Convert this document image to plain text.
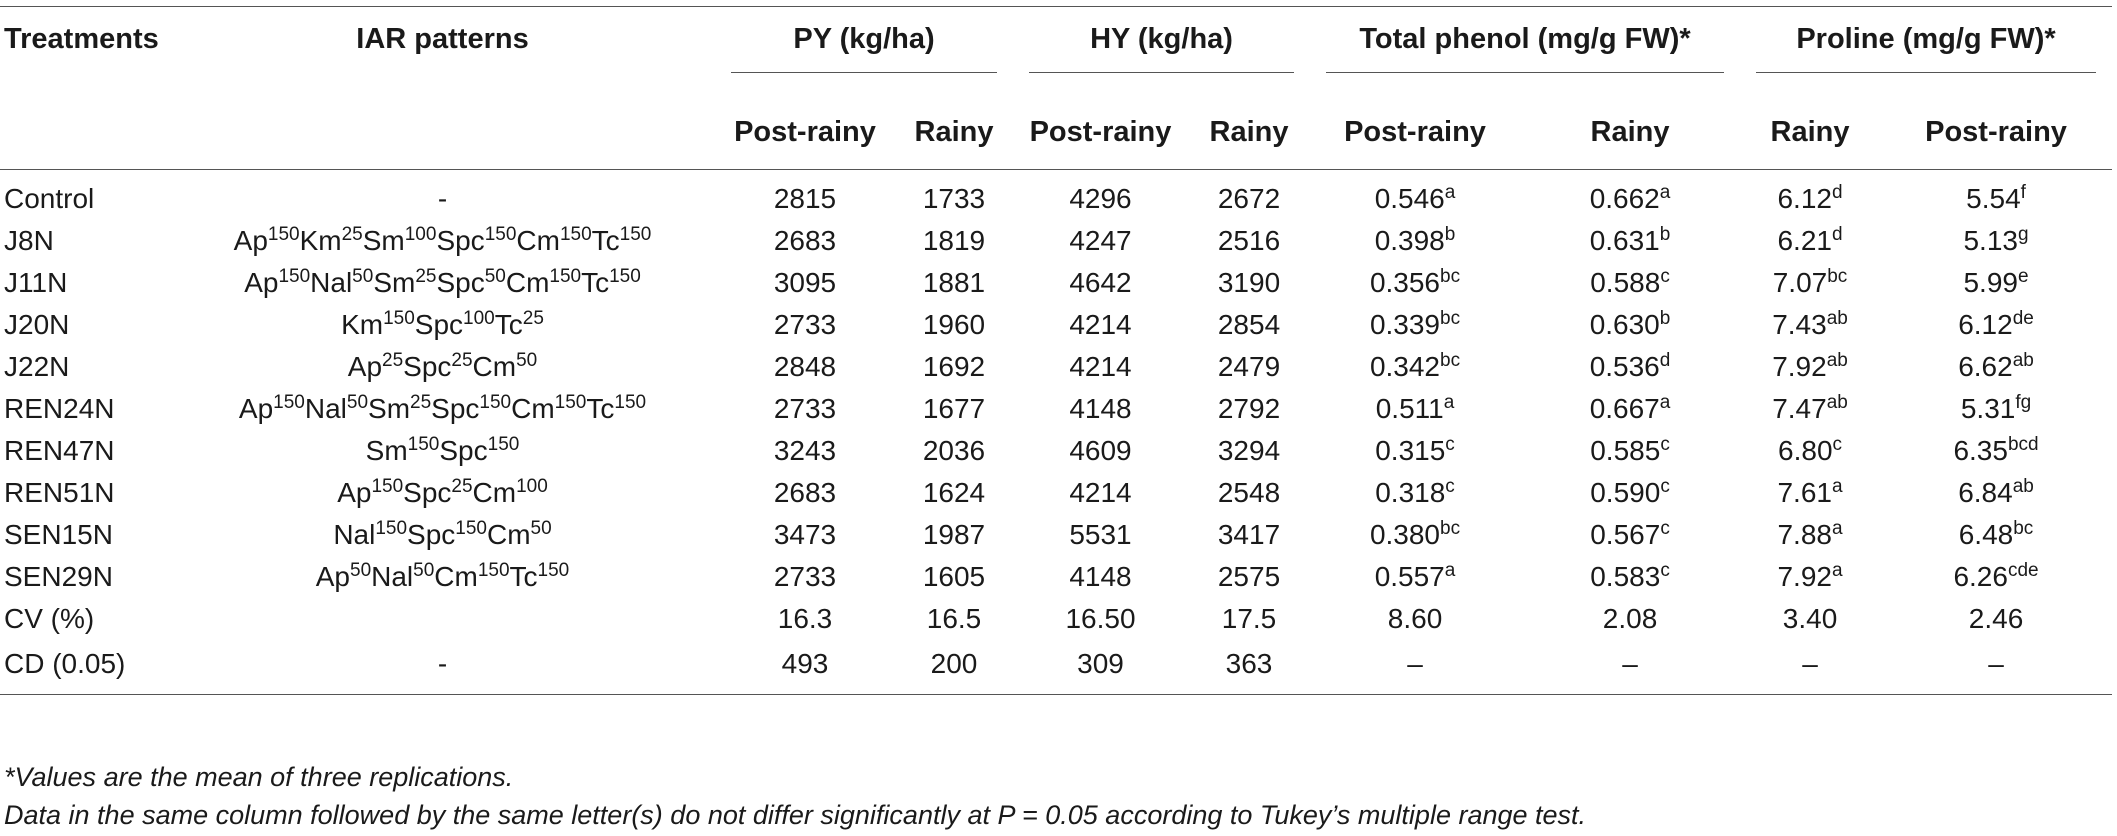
Treatments	IAR patterns	PY (kg/ha)		HY (kg/ha)		Total phenol (mg/g FW)*		Proline (mg/g FW)*	

		Post-rainy	Rainy	Post-rainy	Rainy	Post-rainy	Rainy	Rainy	Post-rainy
Control	-	2815	1733	4296	2672	0.546$^a$	0.662$^a$	6.12$^d$	5.54$^f$
J8N	Ap$^{150}$Km$^{25}$Sm$^{100}$Spc$^{150}$Cm$^{150}$Tc$^{150}$	2683	1819	4247	2516	0.398$^b$	0.631$^b$	6.21$^d$	5.13$^g$
J11N	Ap$^{150}$Nal$^{50}$Sm$^{25}$Spc$^{50}$Cm$^{150}$Tc$^{150}$	3095	1881	4642	3190	0.356$^{bc}$	0.588$^c$	7.07$^{bc}$	5.99e
J20N	Km$^{150}$Spc$^{100}$Tc$^{25}$	2733	1960	4214	2854	0.339$^{bc}$	0.630$^b$	7.43$^{ab}$	6.12de
J22N	Ap$^{25}$Spc$^{25}$Cm$^{50}$	2848	1692	4214	2479	0.342$^{bc}$	0.536$^d$	7.92$^{ab}$	6.62$^{ab}$
REN24N	Ap$^{150}$Nal$^{50}$Sm$^{25}$Spc$^{150}$Cm$^{150}$Tc$^{150}$	2733	1677	4148	2792	0.511$^a$	0.667$^a$	7.47$^{ab}$	5.31$^{fg}$
REN47N	Sm$^{150}$Spc$^{150}$	3243	2036	4609	3294	0.315$^c$	0.585$^c$	6.80$^c$	6.35$^{bcd}$
REN51N	Ap$^{150}$Spc$^{25}$Cm$^{100}$	2683	1624	4214	2548	0.318$^c$	0.590$^c$	7.61$^a$	6.84$^{ab}$
SEN15N	Nal$^{150}$Spc$^{150}$Cm$^{50}$	3473	1987	5531	3417	0.380$^{bc}$	0.567$^c$	7.88$^a$	6.48$^{bc}$
SEN29N	Ap$^{50}$Nal$^{50}$Cm$^{150}$Tc$^{150}$	2733	1605	4148	2575	0.557$^a$	0.583$^c$	7.92$^a$	6.26$^{cde}$
CV (%)		16.3	16.5	16.50	17.5	8.60	2.08	3.40	2.46
CD (0.05)	-	493	200	309	363	–	–	–	–
*Values are the mean of three replications.
Data in the same column followed by the same letter(s) do not differ significantly at P = 0.05 according to Tukey’s multiple range test.
